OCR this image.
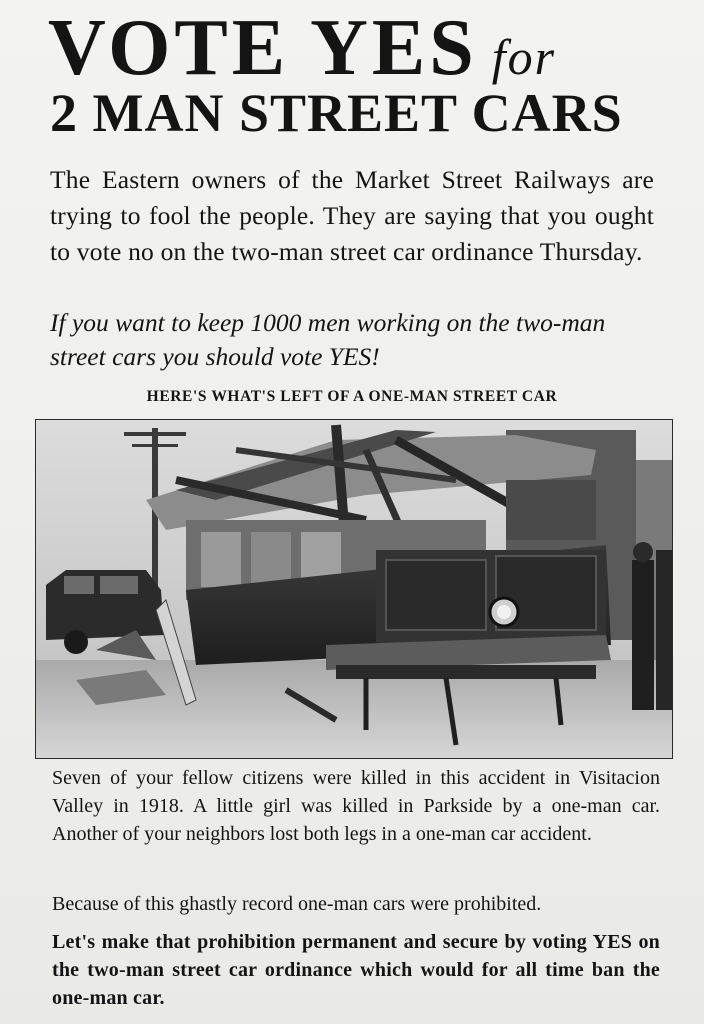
VOTE YES for
2 MAN STREET CARS

The Eastern owners of the Market Street Railways are trying to fool the people. They are saying that you ought to vote no on the two-man street car ordinance Thursday.

If you want to keep 1000 men working on the two-man street cars you should vote YES!

HERE'S WHAT'S LEFT OF A ONE-MAN STREET CAR

Seven of your fellow citizens were killed in this accident in Visitacion Valley in 1918. A little girl was killed in Parkside by a one-man car. Another of your neighbors lost both legs in a one-man car accident.

Because of this ghastly record one-man cars were prohibited.

Let's make that prohibition permanent and secure by voting YES on the two-man street car ordinance which would for all time ban the one-man car.
